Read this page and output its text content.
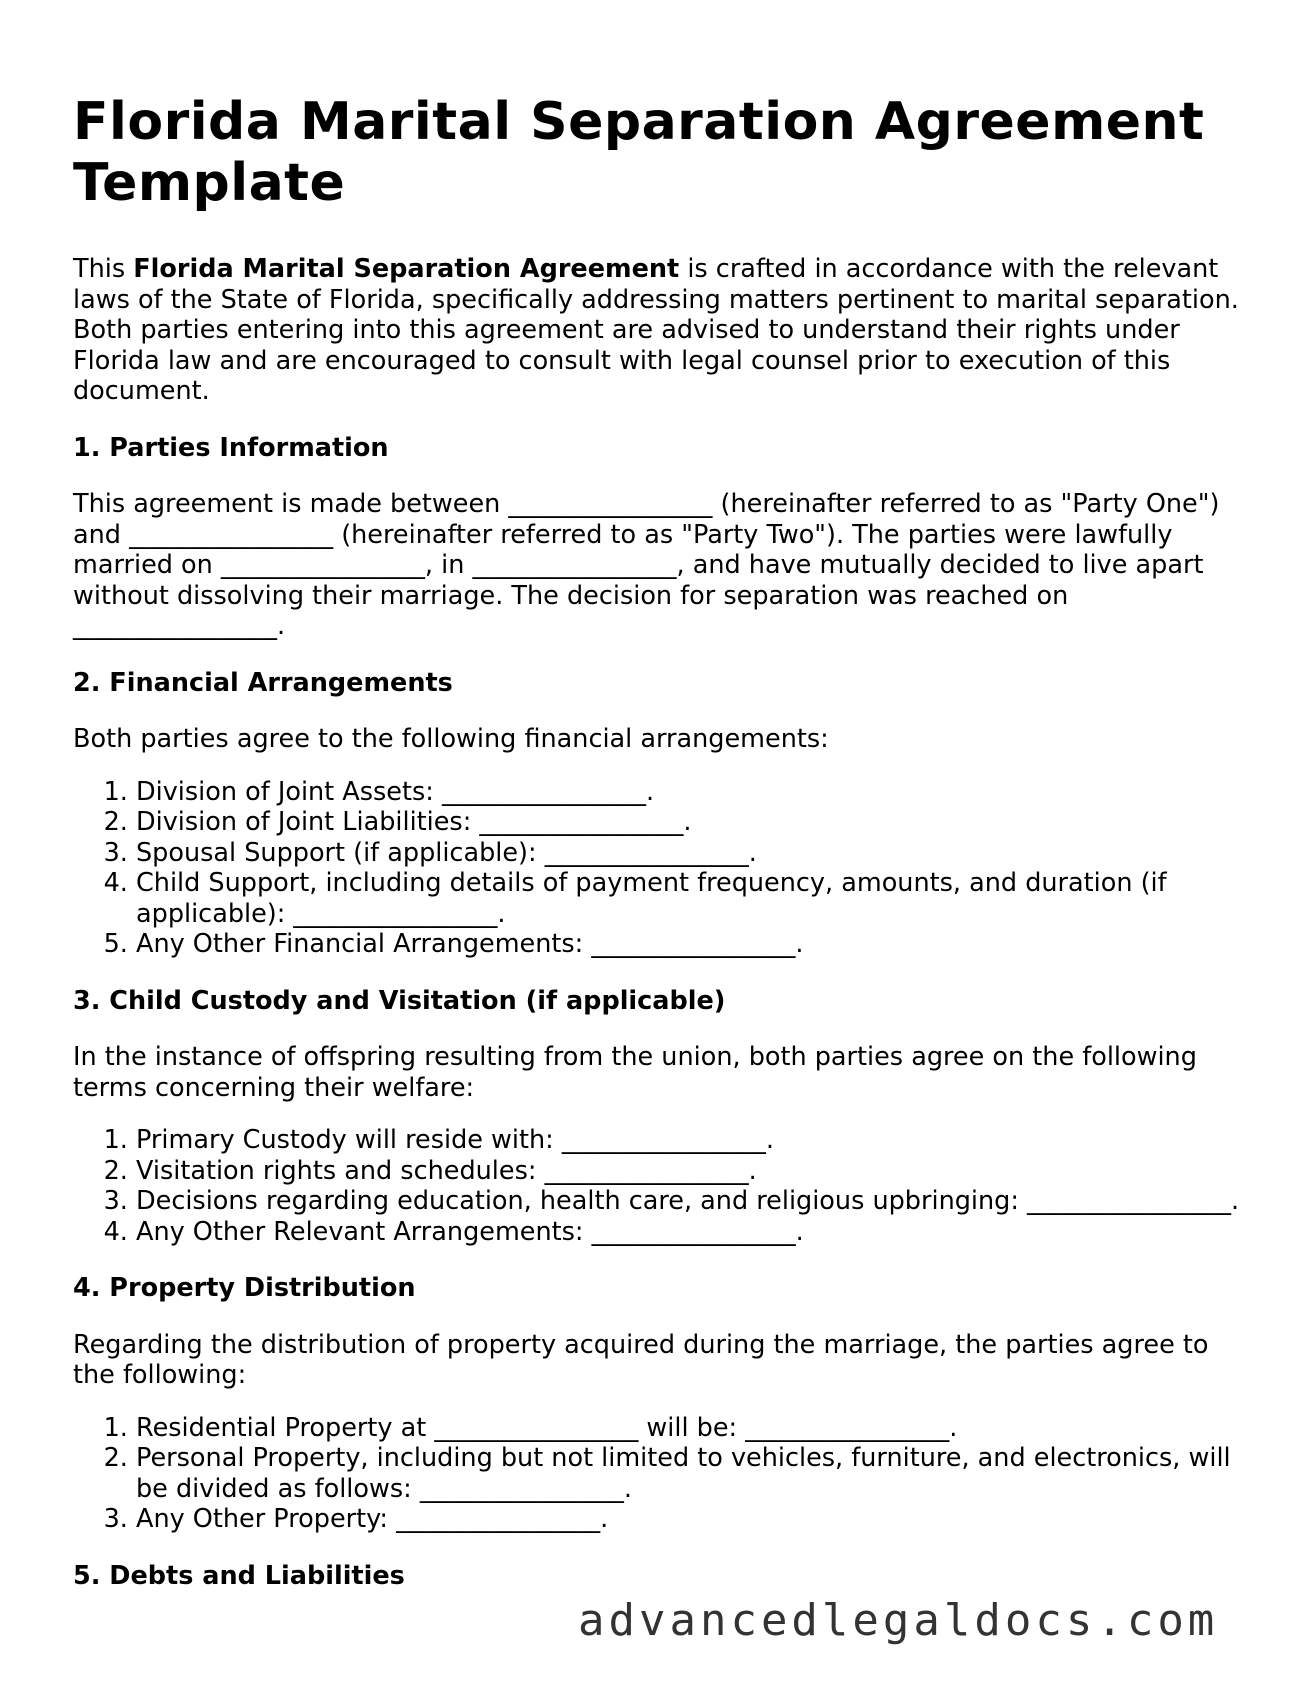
Florida Marital Separation Agreement Template

This Florida Marital Separation Agreement is crafted in accordance with the relevant laws of the State of Florida, specifically addressing matters pertinent to marital separation. Both parties entering into this agreement are advised to understand their rights under Florida law and are encouraged to consult with legal counsel prior to execution of this document.

1. Parties Information

This agreement is made between ________________ (hereinafter referred to as "Party One") and ________________ (hereinafter referred to as "Party Two"). The parties were lawfully married on ________________, in ________________, and have mutually decided to live apart without dissolving their marriage. The decision for separation was reached on ________________.

2. Financial Arrangements

Both parties agree to the following financial arrangements:

1. Division of Joint Assets: ________________.
2. Division of Joint Liabilities: ________________.
3. Spousal Support (if applicable): ________________.
4. Child Support, including details of payment frequency, amounts, and duration (if applicable): ________________.
5. Any Other Financial Arrangements: ________________.
3. Child Custody and Visitation (if applicable)

In the instance of offspring resulting from the union, both parties agree on the following terms concerning their welfare:

1. Primary Custody will reside with: ________________.
2. Visitation rights and schedules: ________________.
3. Decisions regarding education, health care, and religious upbringing: ________________.
4. Any Other Relevant Arrangements: ________________.
4. Property Distribution

Regarding the distribution of property acquired during the marriage, the parties agree to the following:

1. Residential Property at ________________ will be: ________________.
2. Personal Property, including but not limited to vehicles, furniture, and electronics, will be divided as follows: ________________.
3. Any Other Property: ________________.
5. Debts and Liabilities
advancedlegaldocs.com
